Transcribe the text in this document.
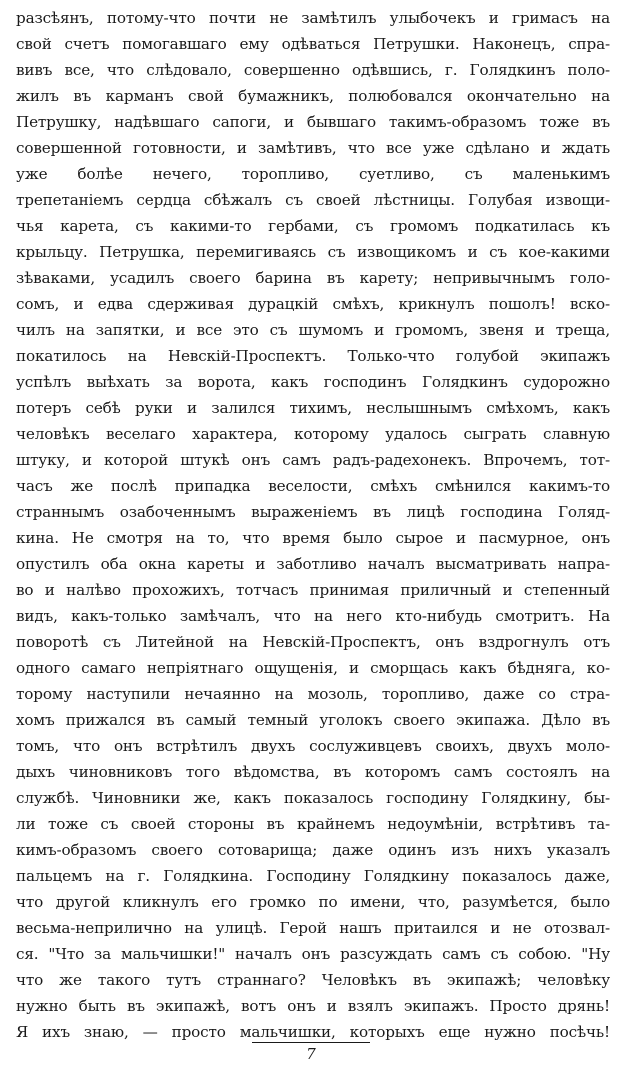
разсѣянъ, потому-что почти не замѣтилъ улыбочекъ и гримасъ на
свой счетъ помогавшаго ему одѣваться Петрушки. Наконецъ, спра-
вивъ все, что слѣдовало, совершенно одѣвшись, г. Голядкинъ поло-
жилъ въ карманъ свой бумажникъ, полюбовался окончательно на
Петрушку, надѣвшаго сапоги, и бывшаго такимъ-образомъ тоже въ
совершенной готовности, и замѣтивъ, что все уже сдѣлано и ждать
уже болѣе нечего, торопливо, суетливо, съ маленькимъ
трепетаніемъ сердца сбѣжалъ съ своей лѣстницы. Голубая извощи-
чья карета, съ какими-то гербами, съ громомъ подкатилась къ
крыльцу. Петрушка, перемигиваясь съ извощикомъ и съ кое-какими
зѣваками, усадилъ своего барина въ карету; непривычнымъ голо-
сомъ, и едва сдерживая дурацкій смѣхъ, крикнулъ пошолъ! вско-
чилъ на запятки, и все это съ шумомъ и громомъ, звеня и треща,
покатилось на Невскій-Проспектъ. Только-что голубой экипажъ
успѣлъ выѣхать за ворота, какъ господинъ Голядкинъ судорожно
потеръ себѣ руки и залился тихимъ, неслышнымъ смѣхомъ, какъ
человѣкъ веселаго характера, которому удалось сыграть славную
штуку, и которой штукѣ онъ самъ радъ-радехонекъ. Впрочемъ, тот-
часъ же послѣ припадка веселости, смѣхъ смѣнился какимъ-то
страннымъ озабоченнымъ выраженіемъ въ лицѣ господина Голяд-
кина. Не смотря на то, что время было сырое и пасмурное, онъ
опустилъ оба окна кареты и заботливо началъ высматривать напра-
во и налѣво прохожихъ, тотчасъ принимая приличный и степенный
видъ, какъ-только замѣчалъ, что на него кто-нибудь смотритъ. На
поворотѣ съ Литейной на Невскій-Проспектъ, онъ вздрогнулъ отъ
одного самаго непріятнаго ощущенія, и сморщась какъ бѣдняга, ко-
торому наступили нечаянно на мозоль, торопливо, даже со стра-
хомъ прижался въ самый темный уголокъ своего экипажа. Дѣло въ
томъ, что онъ встрѣтилъ двухъ сослуживцевъ своихъ, двухъ моло-
дыхъ чиновниковъ того вѣдомства, въ которомъ самъ состоялъ на
службѣ. Чиновники же, какъ показалось господину Голядкину, бы-
ли тоже съ своей стороны въ крайнемъ недоумѣніи, встрѣтивъ та-
кимъ-образомъ своего сотоварища; даже одинъ изъ нихъ указалъ
пальцемъ на г. Голядкина. Господину Голядкину показалось даже,
что другой кликнулъ его громко по имени, что, разумѣется, было
весьма-неприлично на улицѣ. Герой нашъ притаился и не отозвал-
ся. "Что за мальчишки!" началъ онъ разсуждать самъ съ собою. "Ну
что же такого тутъ страннаго? Человѣкъ въ экипажѣ; человѣку
нужно быть въ экипажѣ, вотъ онъ и взялъ экипажъ. Просто дрянь!
Я ихъ знаю, — просто мальчишки, которыхъ еще нужно посѣчь!
7
